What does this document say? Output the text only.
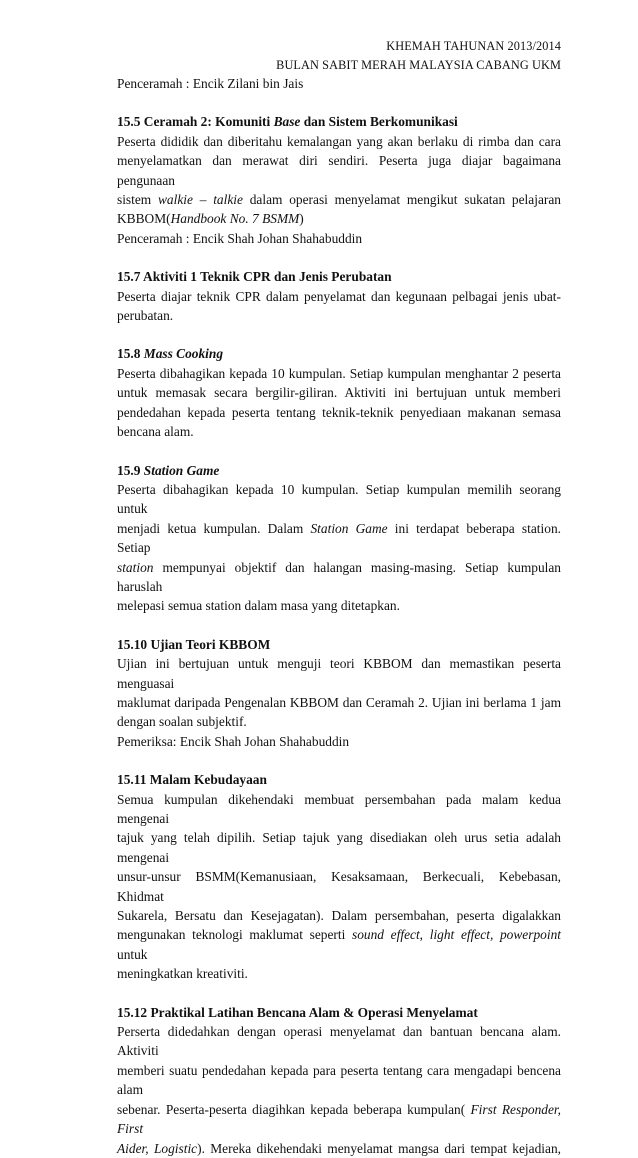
KHEMAH TAHUNAN 2013/2014
BULAN SABIT MERAH MALAYSIA CABANG UKM

Penceramah : Encik Zilani bin Jais

15.5 Ceramah 2: Komuniti Base dan Sistem Berkomunikasi

Peserta dididik dan diberitahu kemalangan yang akan berlaku di rimba dan cara

menyelamatkan dan merawat diri sendiri. Peserta juga diajar bagaimana pengunaan

sistem walkie – talkie dalam operasi menyelamat mengikut sukatan pelajaran

KBBOM(Handbook No. 7 BSMM)

Penceramah : Encik Shah Johan Shahabuddin

15.7 Aktiviti 1 Teknik CPR dan Jenis Perubatan

Peserta diajar teknik CPR dalam penyelamat dan kegunaan pelbagai jenis ubat-

perubatan.

15.8 Mass Cooking

Peserta dibahagikan kepada 10 kumpulan. Setiap kumpulan menghantar 2 peserta

untuk memasak secara bergilir-giliran. Aktiviti ini bertujuan untuk memberi

pendedahan kepada peserta tentang teknik-teknik penyediaan makanan semasa

bencana alam.

15.9 Station Game

Peserta dibahagikan kepada 10 kumpulan. Setiap kumpulan memilih seorang untuk

menjadi ketua kumpulan. Dalam Station Game ini terdapat beberapa station. Setiap

station mempunyai objektif dan halangan masing-masing. Setiap kumpulan haruslah

melepasi semua station dalam masa yang ditetapkan.

15.10 Ujian Teori KBBOM

Ujian ini bertujuan untuk menguji teori KBBOM dan memastikan peserta menguasai

maklumat daripada Pengenalan KBBOM dan Ceramah 2. Ujian ini berlama 1 jam

dengan soalan subjektif.

Pemeriksa: Encik Shah Johan Shahabuddin

15.11 Malam Kebudayaan

Semua kumpulan dikehendaki membuat persembahan pada malam kedua mengenai

tajuk yang telah dipilih. Setiap tajuk yang disediakan oleh urus setia adalah mengenai

unsur-unsur BSMM(Kemanusiaan, Kesaksamaan, Berkecuali, Kebebasan, Khidmat

Sukarela, Bersatu dan Kesejagatan). Dalam persembahan, peserta digalakkan

mengunakan teknologi maklumat seperti sound effect, light effect, powerpoint untuk

meningkatkan kreativiti.

15.12 Praktikal Latihan Bencana Alam & Operasi Menyelamat

Perserta didedahkan dengan operasi menyelamat dan bantuan bencana alam. Aktiviti

memberi suatu pendedahan kepada para peserta tentang cara mengadapi bencena alam

sebenar. Peserta-peserta diagihkan kepada beberapa kumpulan( First Responder, First

Aider, Logistic). Mereka dikehendaki menyelamat mangsa dari tempat kejadian,
